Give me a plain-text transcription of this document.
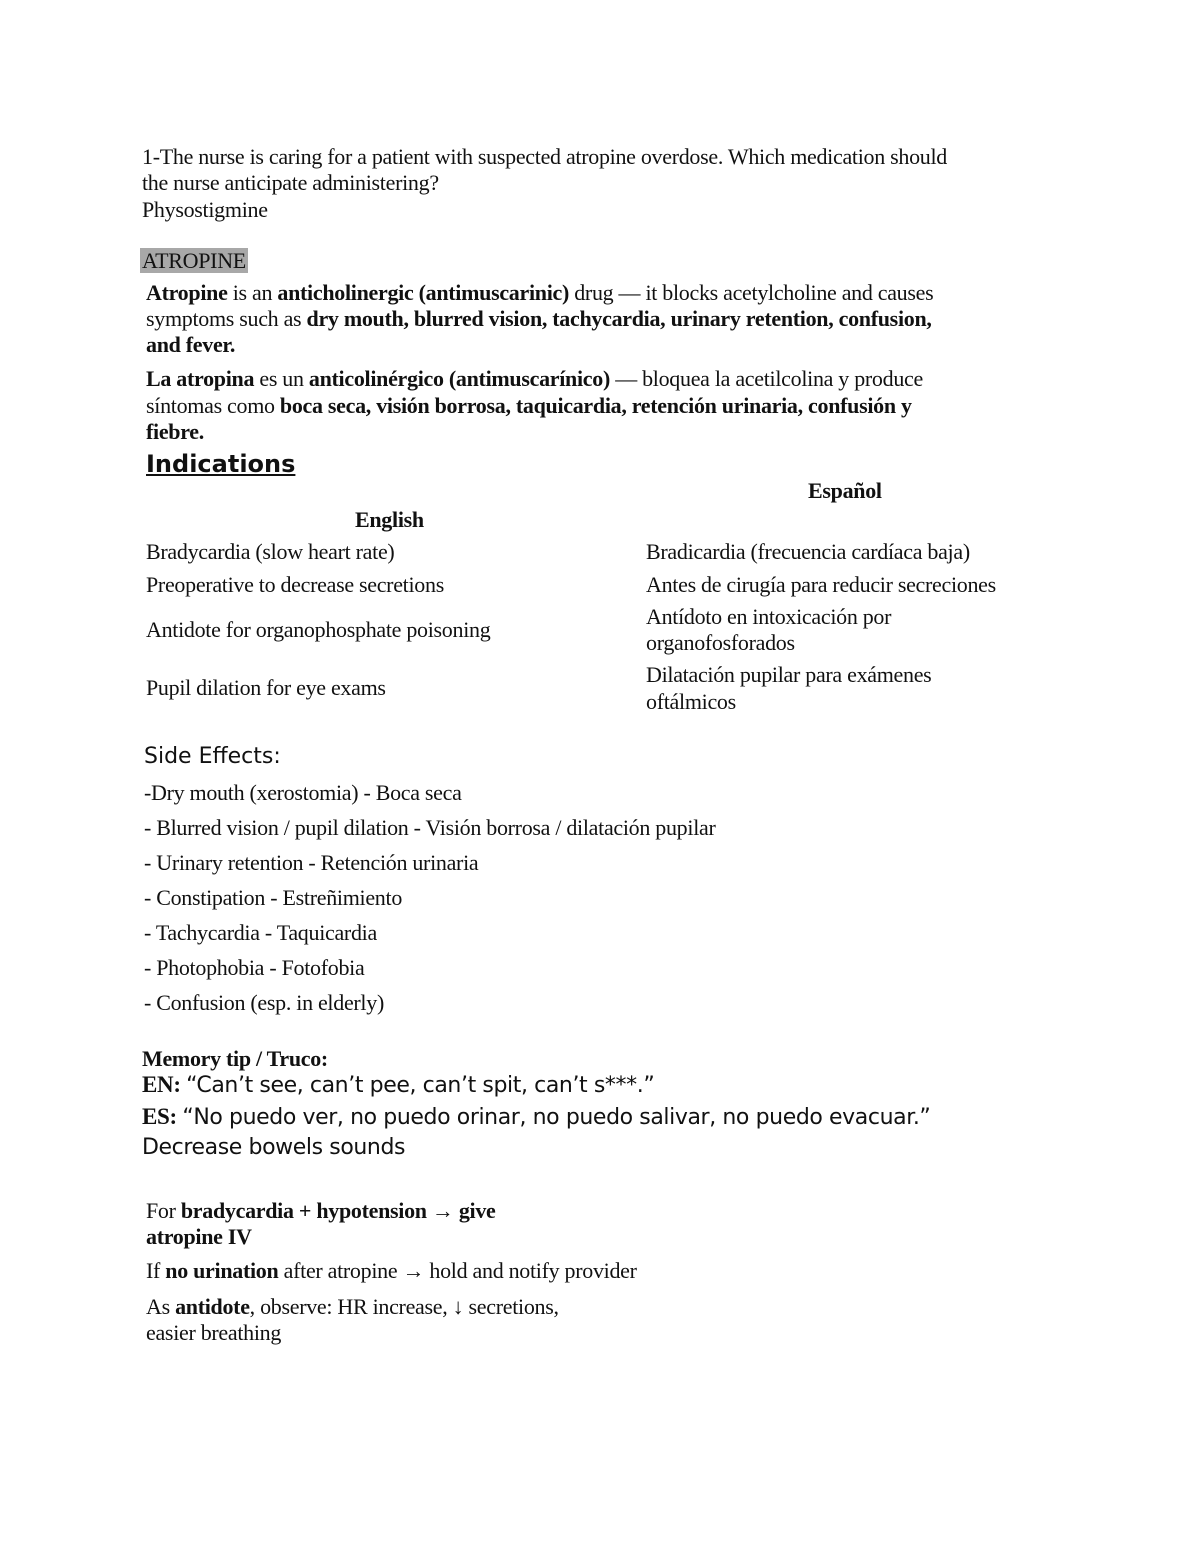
1-The nurse is caring for a patient with suspected atropine overdose. Which medication should
the nurse anticipate administering?
Physostigmine
ATROPINE
Atropine is an anticholinergic (antimuscarinic) drug — it blocks acetylcholine and causes
symptoms such as dry mouth, blurred vision, tachycardia, urinary retention, confusion,
and fever.
La atropina es un anticolinérgico (antimuscarínico) — bloquea la acetilcolina y produce
síntomas como boca seca, visión borrosa, taquicardia, retención urinaria, confusión y
fiebre.
Indications
Español
English
Bradycardia (slow heart rate)	Bradicardia (frecuencia cardíaca baja)
Preoperative to decrease secretions	Antes de cirugía para reducir secreciones
Antidote for organophosphate poisoning
Antídoto en intoxicación por
organofosforados
Pupil dilation for eye exams
Dilatación pupilar para exámenes
oftálmicos
Side Effects:
-Dry mouth (xerostomia) - Boca seca
- Blurred vision / pupil dilation - Visión borrosa / dilatación pupilar
- Urinary retention - Retención urinaria
- Constipation - Estreñimiento
- Tachycardia - Taquicardia
- Photophobia - Fotofobia
- Confusion (esp. in elderly)
Memory tip / Truco:
EN: “Can’t see, can’t pee, can’t spit, can’t s***.”
ES: “No puedo ver, no puedo orinar, no puedo salivar, no puedo evacuar.”
Decrease bowels sounds
For bradycardia + hypotension → give
atropine IV
If no urination after atropine → hold and notify provider
As antidote, observe: HR increase, ↓ secretions,
easier breathing
